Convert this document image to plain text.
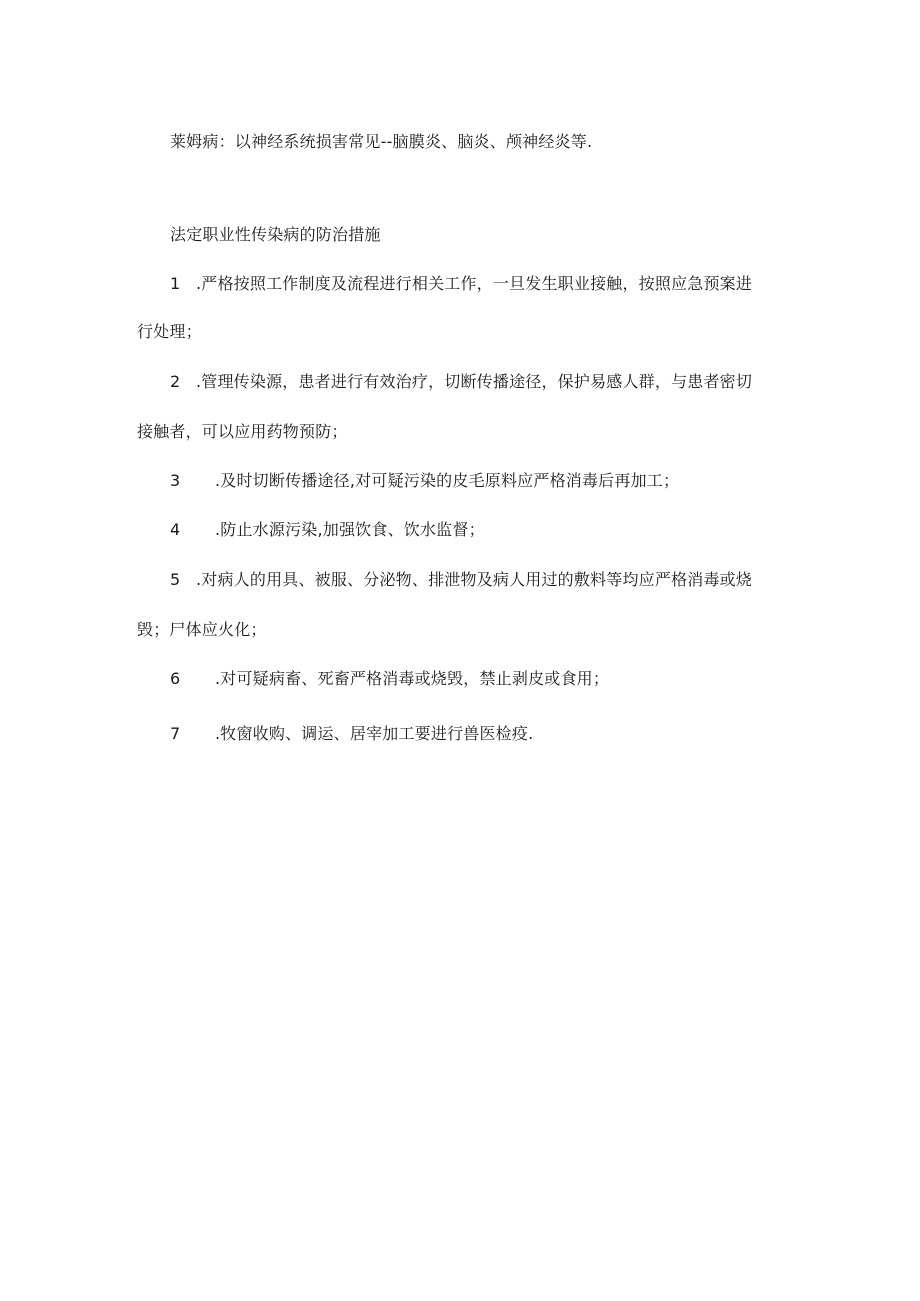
莱姆病：以神经系统损害常见--脑膜炎、脑炎、颅神经炎等.
法定职业性传染病的防治措施
1 .严格按照工作制度及流程进行相关工作，一旦发生职业接触，按照应急预案进
行处理；
2 .管理传染源，患者进行有效治疗，切断传播途径，保护易感人群，与患者密切
接触者，可以应用药物预防；
3 .及时切断传播途径,对可疑污染的皮毛原料应严格消毒后再加工；
4 .防止水源污染,加强饮食、饮水监督；
5 .对病人的用具、被服、分泌物、排泄物及病人用过的敷料等均应严格消毒或烧
毁；尸体应火化；
6 .对可疑病畜、死畜严格消毒或烧毁，禁止剥皮或食用；
7 .牧窗收购、调运、居宰加工要进行兽医检疫.
